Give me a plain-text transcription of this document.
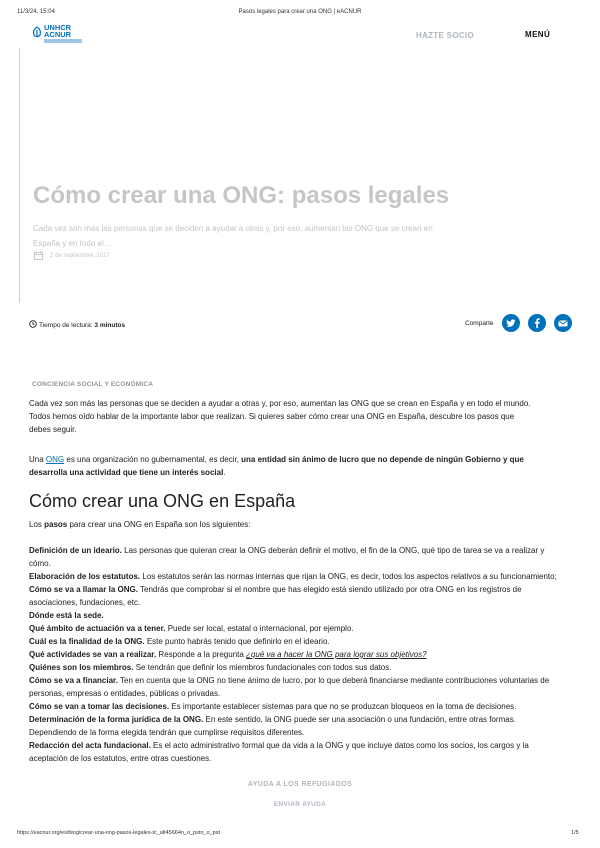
11/3/24, 15:04	Pasos legales para crear una ONG | eACNUR
UNHCR
ACNUR	HAZTE SOCIO	MENÚ
Cómo crear una ONG: pasos legales
Cada vez son más las personas que se deciden a ayudar a otras y, por eso, aumentan las ONG que se crean en
España y en todo el...
2 de septiembre, 2017
Tiempo de lectura: 3 minutos	Comparte
CONCIENCIA SOCIAL Y ECONÓMICA
Cada vez son más las personas que se deciden a ayudar a otras y, por eso, aumentan las ONG que se crean en España y en todo el mundo.
Todos hemos oído hablar de la importante labor que realizan. Si quieres saber cómo crear una ONG en España, descubre los pasos que
debes seguir.
Una ONG es una organización no gubernamental, es decir, una entidad sin ánimo de lucro que no depende de ningún Gobierno y que
desarrolla una actividad que tiene un interés social.
Cómo crear una ONG en España
Los pasos para crear una ONG en España son los siguientes:
Definición de un ideario. Las personas que quieran crear la ONG deberán definir el motivo, el fin de la ONG, qué tipo de tarea se va a realizar y
cómo.
Elaboración de los estatutos. Los estatutos serán las normas internas que rijan la ONG, es decir, todos los aspectos relativos a su funcionamiento;
Cómo se va a llamar la ONG. Tendrás que comprobar si el nombre que has elegido está siendo utilizado por otra ONG en los registros de
asociaciones, fundaciones, etc.
Dónde está la sede.
Qué ámbito de actuación va a tener. Puede ser local, estatal o internacional, por ejemplo.
Cuál es la finalidad de la ONG. Este punto habrás tenido que definirlo en el ideario.
Qué actividades se van a realizar. Responde a la pregunta ¿qué va a hacer la ONG para lograr sus objetivos?
Quiénes son los miembros. Se tendrán que definir los miembros fundacionales con todos sus datos.
Cómo se va a financiar. Ten en cuenta que la ONG no tiene ánimo de lucro, por lo que deberá financiarse mediante contribuciones voluntarias de
personas, empresas o entidades, públicas o privadas.
Cómo se van a tomar las decisiones. Es importante establecer sistemas para que no se produzcan bloqueos en la toma de decisiones.
Determinación de la forma jurídica de la ONG. En este sentido, la ONG puede ser una asociación o una fundación, entre otras formas.
Dependiendo de la forma elegida tendrán que cumplirse requisitos diferentes.
Redacción del acta fundacional. Es el acto administrativo formal que da vida a la ONG y que incluye datos como los socios, los cargos y la
aceptación de los estatutos, entre otras cuestiones.
AYUDA A LOS REFUGIADOS
ENVIAR AYUDA
https://eacnur.org/es/blog/crear-una-ong-pasos-legales-tc_alt45664n_o_pstn_o_pst	1/5
